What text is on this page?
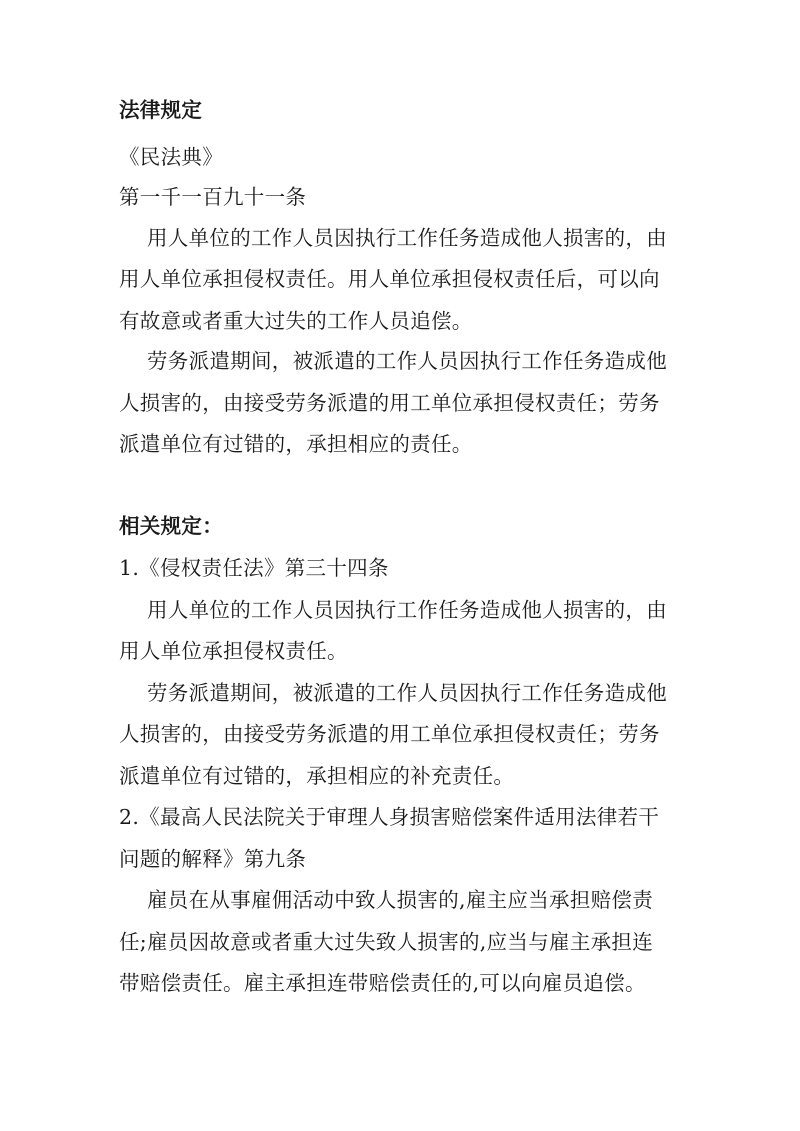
法律规定
《民法典》
第一千一百九十一条
用人单位的工作人员因执行工作任务造成他人损害的，由
用人单位承担侵权责任。用人单位承担侵权责任后，可以向
有故意或者重大过失的工作人员追偿。
劳务派遣期间，被派遣的工作人员因执行工作任务造成他
人损害的，由接受劳务派遣的用工单位承担侵权责任；劳务
派遣单位有过错的，承担相应的责任。
相关规定：
1.《侵权责任法》第三十四条
用人单位的工作人员因执行工作任务造成他人损害的，由
用人单位承担侵权责任。
劳务派遣期间，被派遣的工作人员因执行工作任务造成他
人损害的，由接受劳务派遣的用工单位承担侵权责任；劳务
派遣单位有过错的，承担相应的补充责任。
2.《最高人民法院关于审理人身损害赔偿案件适用法律若干
问题的解释》第九条
雇员在从事雇佣活动中致人损害的,雇主应当承担赔偿责
任;雇员因故意或者重大过失致人损害的,应当与雇主承担连
带赔偿责任。雇主承担连带赔偿责任的,可以向雇员追偿。
